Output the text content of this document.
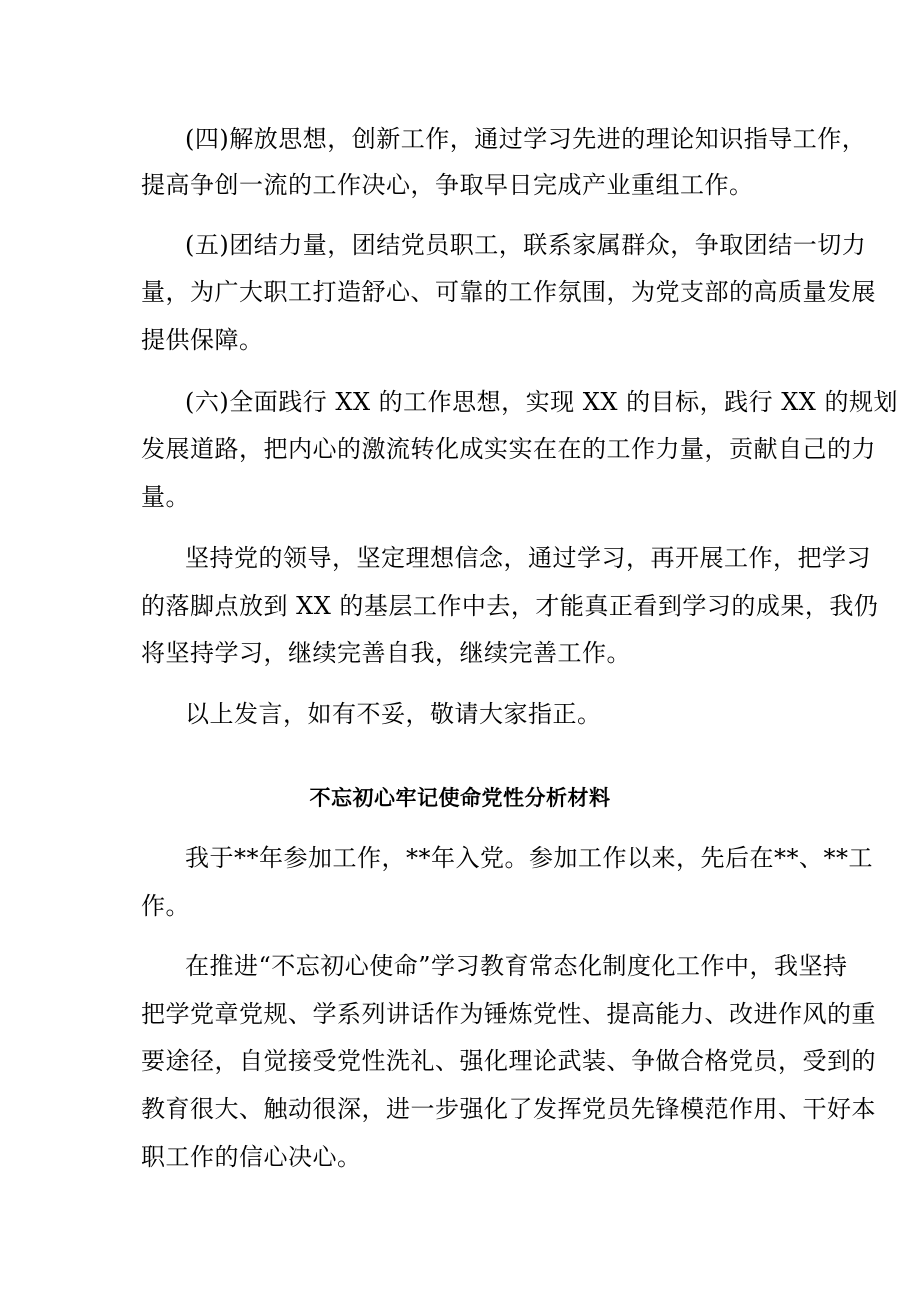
(四)解放思想，创新工作，通过学习先进的理论知识指导工作，
提高争创一流的工作决心，争取早日完成产业重组工作。
(五)团结力量，团结党员职工，联系家属群众，争取团结一切力
量，为广大职工打造舒心、可靠的工作氛围，为党支部的高质量发展
提供保障。
(六)全面践行 XX 的工作思想，实现 XX 的目标，践行 XX 的规划
发展道路，把内心的激流转化成实实在在的工作力量，贡献自己的力
量。
坚持党的领导，坚定理想信念，通过学习，再开展工作，把学习
的落脚点放到 XX 的基层工作中去，才能真正看到学习的成果，我仍
将坚持学习，继续完善自我，继续完善工作。
以上发言，如有不妥，敬请大家指正。
不忘初心牢记使命党性分析材料
我于**年参加工作，**年入党。参加工作以来，先后在**、**工
作。
在推进“不忘初心使命”学习教育常态化制度化工作中，我坚持
把学党章党规、学系列讲话作为锤炼党性、提高能力、改进作风的重
要途径，自觉接受党性洗礼、强化理论武装、争做合格党员，受到的
教育很大、触动很深，进一步强化了发挥党员先锋模范作用、干好本
职工作的信心决心。
